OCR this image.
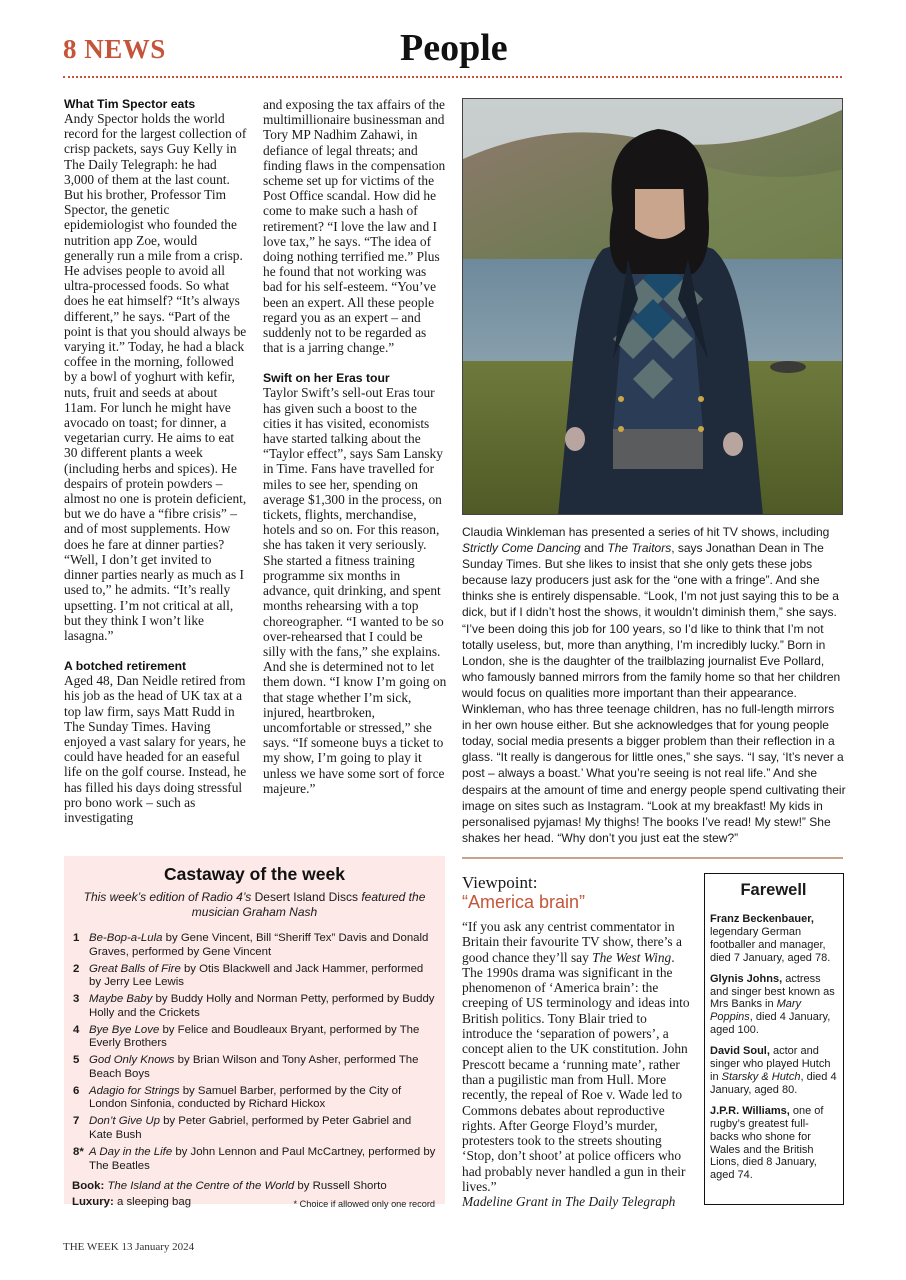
8 NEWS	People
What Tim Spector eats
Andy Spector holds the world record for the largest collection of crisp packets, says Guy Kelly in The Daily Telegraph: he had 3,000 of them at the last count. But his brother, Professor Tim Spector, the genetic epidemiologist who founded the nutrition app Zoe, would generally run a mile from a crisp. He advises people to avoid all ultra-processed foods. So what does he eat himself? “It’s always different,” he says. “Part of the point is that you should always be varying it.” Today, he had a black coffee in the morning, followed by a bowl of yoghurt with kefir, nuts, fruit and seeds at about 11am. For lunch he might have avocado on toast; for dinner, a vegetarian curry. He aims to eat 30 different plants a week (including herbs and spices). He despairs of protein powders – almost no one is protein deficient, but we do have a “fibre crisis” – and of most supplements. How does he fare at dinner parties? “Well, I don’t get invited to dinner parties nearly as much as I used to,” he admits. “It’s really upsetting. I’m not critical at all, but they think I won’t like lasagna.”
A botched retirement
Aged 48, Dan Neidle retired from his job as the head of UK tax at a top law firm, says Matt Rudd in The Sunday Times. Having enjoyed a vast salary for years, he could have headed for an easeful life on the golf course. Instead, he has filled his days doing stressful pro bono work – such as investigating
and exposing the tax affairs of the multimillionaire businessman and Tory MP Nadhim Zahawi, in defiance of legal threats; and finding flaws in the compensation scheme set up for victims of the Post Office scandal. How did he come to make such a hash of retirement? “I love the law and I love tax,” he says. “The idea of doing nothing terrified me.” Plus he found that not working was bad for his self-esteem. “You’ve been an expert. All these people regard you as an expert – and suddenly not to be regarded as that is a jarring change.”
Swift on her Eras tour
Taylor Swift’s sell-out Eras tour has given such a boost to the cities it has visited, economists have started talking about the “Taylor effect”, says Sam Lansky in Time. Fans have travelled for miles to see her, spending on average $1,300 in the process, on tickets, flights, merchandise, hotels and so on. For this reason, she has taken it very seriously. She started a fitness training programme six months in advance, quit drinking, and spent months rehearsing with a top choreographer. “I wanted to be so over-rehearsed that I could be silly with the fans,” she explains. And she is determined not to let them down. “I know I’m going on that stage whether I’m sick, injured, heartbroken, uncomfortable or stressed,” she says. “If someone buys a ticket to my show, I’m going to play it unless we have some sort of force majeure.”
Claudia Winkleman has presented a series of hit TV shows, including Strictly Come Dancing and The Traitors, says Jonathan Dean in The Sunday Times. But she likes to insist that she only gets these jobs because lazy producers just ask for the “one with a fringe”. And she thinks she is entirely dispensable. “Look, I’m not just saying this to be a dick, but if I didn’t host the shows, it wouldn’t diminish them,” she says. “I’ve been doing this job for 100 years, so I’d like to think that I’m not totally useless, but, more than anything, I’m incredibly lucky.” Born in London, she is the daughter of the trailblazing journalist Eve Pollard, who famously banned mirrors from the family home so that her children would focus on qualities more important than their appearance. Winkleman, who has three teenage children, has no full-length mirrors in her own house either. But she acknowledges that for young people today, social media presents a bigger problem than their reflection in a glass. “It really is dangerous for little ones,” she says. “I say, ‘It’s never a post – always a boast.’ What you’re seeing is not real life.” And she despairs at the amount of time and energy people spend cultivating their image on sites such as Instagram. “Look at my breakfast! My kids in personalised pyjamas! My thighs! The books I’ve read! My stew!” She shakes her head. “Why don’t you just eat the stew?”
Castaway of the week
This week’s edition of Radio 4’s Desert Island Discs featured the musician Graham Nash
1 Be-Bop-a-Lula by Gene Vincent, Bill “Sheriff Tex” Davis and Donald Graves, performed by Gene Vincent
2 Great Balls of Fire by Otis Blackwell and Jack Hammer, performed by Jerry Lee Lewis
3 Maybe Baby by Buddy Holly and Norman Petty, performed by Buddy Holly and the Crickets
4 Bye Bye Love by Felice and Boudleaux Bryant, performed by The Everly Brothers
5 God Only Knows by Brian Wilson and Tony Asher, performed The Beach Boys
6 Adagio for Strings by Samuel Barber, performed by the City of London Sinfonia, conducted by Richard Hickox
7 Don’t Give Up by Peter Gabriel, performed by Peter Gabriel and Kate Bush
8* A Day in the Life by John Lennon and Paul McCartney, performed by The Beatles
Book: The Island at the Centre of the World by Russell Shorto
Luxury: a sleeping bag	* Choice if allowed only one record
Viewpoint:
“America brain”
“If you ask any centrist commentator in Britain their favourite TV show, there’s a good chance they’ll say The West Wing. The 1990s drama was significant in the phenomenon of ‘America brain’: the creeping of US terminology and ideas into British politics. Tony Blair tried to introduce the ‘separation of powers’, a concept alien to the UK constitution. John Prescott became a ‘running mate’, rather than a pugilistic man from Hull. More recently, the repeal of Roe v. Wade led to Commons debates about reproductive rights. After George Floyd’s murder, protesters took to the streets shouting ‘Stop, don’t shoot’ at police officers who had probably never handled a gun in their lives.”
Madeline Grant in The Daily Telegraph
Farewell
Franz Beckenbauer, legendary German footballer and manager, died 7 January, aged 78.
Glynis Johns, actress and singer best known as Mrs Banks in Mary Poppins, died 4 January, aged 100.
David Soul, actor and singer who played Hutch in Starsky & Hutch, died 4 January, aged 80.
J.P.R. Williams, one of rugby’s greatest full-backs who shone for Wales and the British Lions, died 8 January, aged 74.
THE WEEK 13 January 2024
